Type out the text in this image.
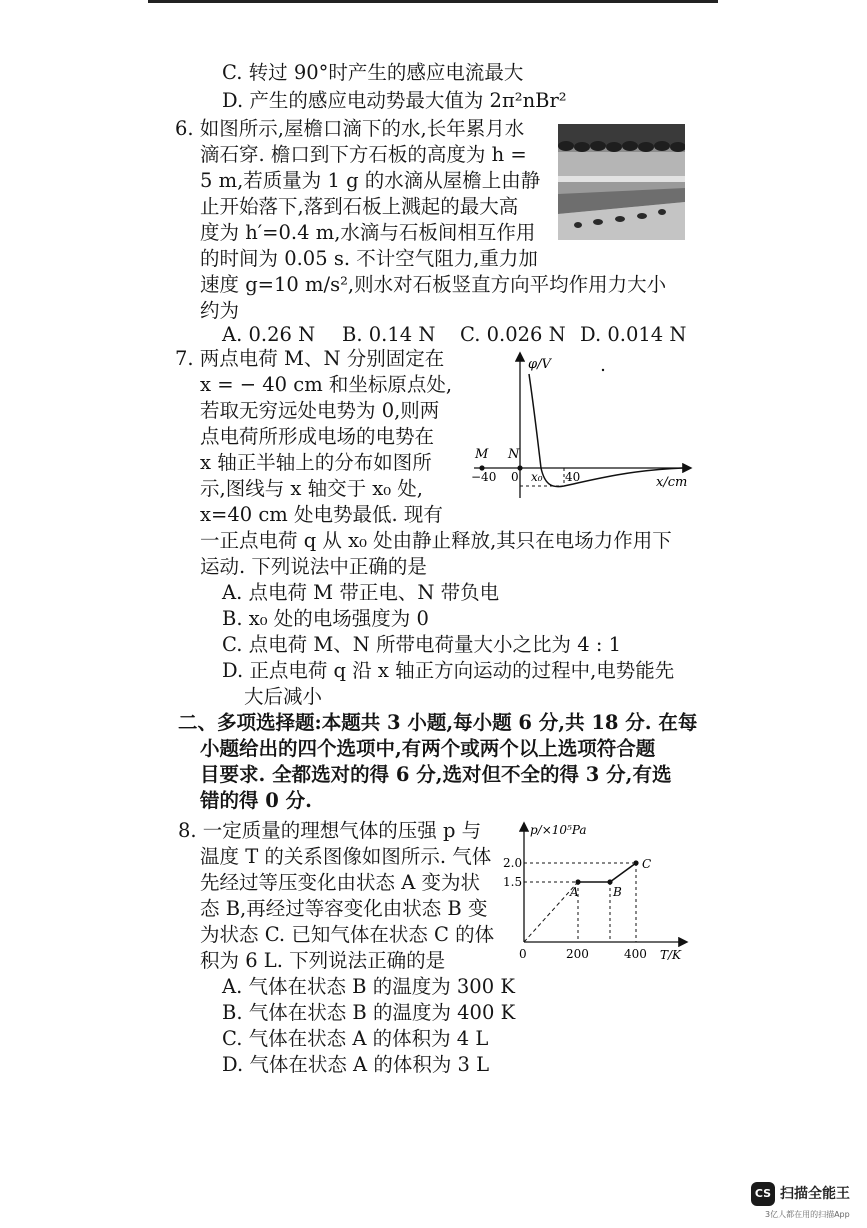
C. 转过 90°时产生的感应电流最大
D. 产生的感应电动势最大值为 2π²nBr²
6. 如图所示,屋檐口滴下的水,长年累月水
滴石穿. 檐口到下方石板的高度为 h =
5 m,若质量为 1 g 的水滴从屋檐上由静
止开始落下,落到石板上溅起的最大高
度为 h′=0.4 m,水滴与石板间相互作用
的时间为 0.05 s. 不计空气阻力,重力加
速度 g=10 m/s²,则水对石板竖直方向平均作用力大小
约为
A. 0.26 N B. 0.14 N C. 0.026 N D. 0.014 N
7. 两点电荷 M、N 分别固定在
x = − 40 cm 和坐标原点处,
若取无穷远处电势为 0,则两
点电荷所形成电场的电势在
x 轴正半轴上的分布如图所
示,图线与 x 轴交于 x₀ 处,
x=40 cm 处电势最低. 现有
一正点电荷 q 从 x₀ 处由静止释放,其只在电场力作用下
运动. 下列说法中正确的是
A. 点电荷 M 带正电、N 带负电
B. x₀ 处的电场强度为 0
C. 点电荷 M、N 所带电荷量大小之比为 4 : 1
D. 正点电荷 q 沿 x 轴正方向运动的过程中,电势能先
大后减小
φ/V
x/cm
M N
−40 0 x₀ 40
二、多项选择题:本题共 3 小题,每小题 6 分,共 18 分. 在每
小题给出的四个选项中,有两个或两个以上选项符合题
目要求. 全都选对的得 6 分,选对但不全的得 3 分,有选
错的得 0 分.
8. 一定质量的理想气体的压强 p 与
温度 T 的关系图像如图所示. 气体
先经过等压变化由状态 A 变为状
态 B,再经过等容变化由状态 B 变
为状态 C. 已知气体在状态 C 的体
积为 6 L. 下列说法正确的是
A. 气体在状态 B 的温度为 300 K
B. 气体在状态 B 的温度为 400 K
C. 气体在状态 A 的体积为 4 L
D. 气体在状态 A 的体积为 3 L
p/×10⁵Pa
T/K
2.0
1.5
0	200	400
A	B
C
CS 扫描全能王
3亿人都在用的扫描App
